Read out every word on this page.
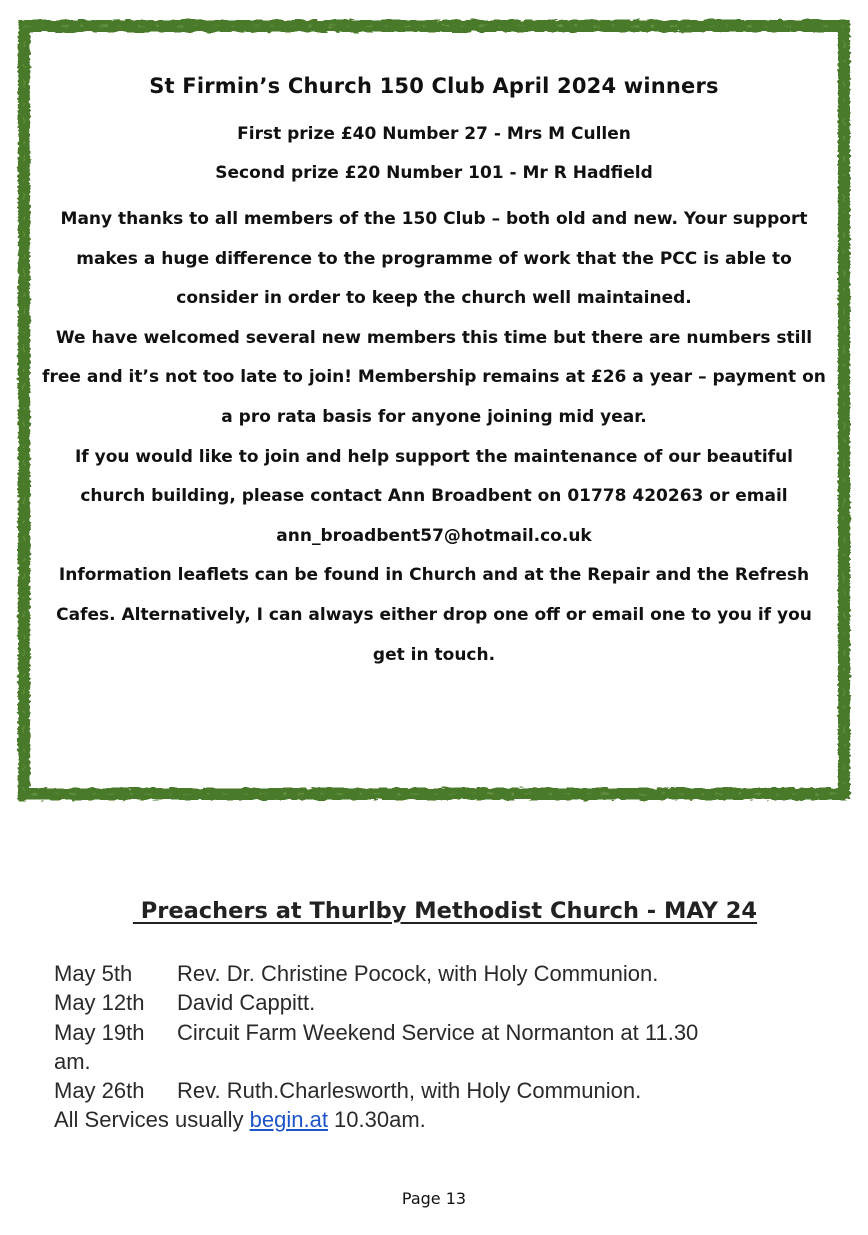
St Firmin’s Church 150 Club April 2024 winners
First prize £40 Number 27 - Mrs M Cullen
Second prize £20 Number 101 - Mr R Hadfield

Many thanks to all members of the 150 Club – both old and new. Your support makes a huge difference to the programme of work that the PCC is able to consider in order to keep the church well maintained.

We have welcomed several new members this time but there are numbers still free and it’s not too late to join! Membership remains at £26 a year – payment on a pro rata basis for anyone joining mid year.

If you would like to join and help support the maintenance of our beautiful church building, please contact Ann Broadbent on 01778 420263 or email ann_broadbent57@hotmail.co.uk

Information leaflets can be found in Church and at the Repair and the Refresh Cafes. Alternatively, I can always either drop one off or email one to you if you get in touch.

Preachers at Thurlby Methodist Church - MAY 24
May 5th Rev. Dr. Christine Pocock, with Holy Communion.
May 12th David Cappitt.
May 19th Circuit Farm Weekend Service at Normanton at 11.30
am.
May 26th Rev. Ruth.Charlesworth, with Holy Communion.
All Services usually begin.at 10.30am.
Page 13
